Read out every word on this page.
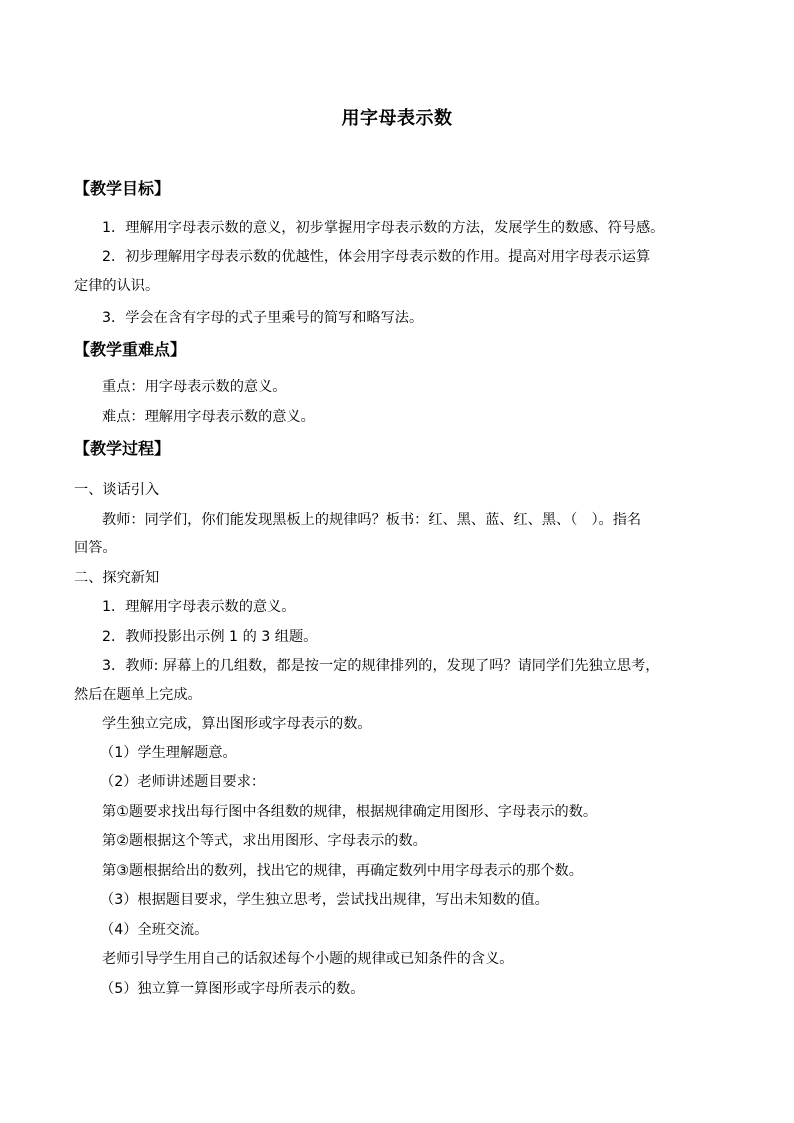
用字母表示数
【教学目标】
1．理解用字母表示数的意义，初步掌握用字母表示数的方法，发展学生的数感、符号感。
2．初步理解用字母表示数的优越性，体会用字母表示数的作用。提高对用字母表示运算
定律的认识。
3．学会在含有字母的式子里乘号的简写和略写法。
【教学重难点】
重点：用字母表示数的意义。
难点：理解用字母表示数的意义。
【教学过程】
一、谈话引入
教师：同学们，你们能发现黑板上的规律吗？板书：红、黑、蓝、红、黑、（　）。指名
回答。
二、探究新知
1．理解用字母表示数的意义。
2．教师投影出示例 1 的 3 组题。
3．教师: 屏幕上的几组数，都是按一定的规律排列的，发现了吗？请同学们先独立思考，
然后在题单上完成。
学生独立完成，算出图形或字母表示的数。
（1）学生理解题意。
（2）老师讲述题目要求：
第①题要求找出每行图中各组数的规律，根据规律确定用图形、字母表示的数。
第②题根据这个等式，求出用图形、字母表示的数。
第③题根据给出的数列，找出它的规律，再确定数列中用字母表示的那个数。
（3）根据题目要求，学生独立思考，尝试找出规律，写出未知数的值。
（4）全班交流。
老师引导学生用自己的话叙述每个小题的规律或已知条件的含义。
（5）独立算一算图形或字母所表示的数。
